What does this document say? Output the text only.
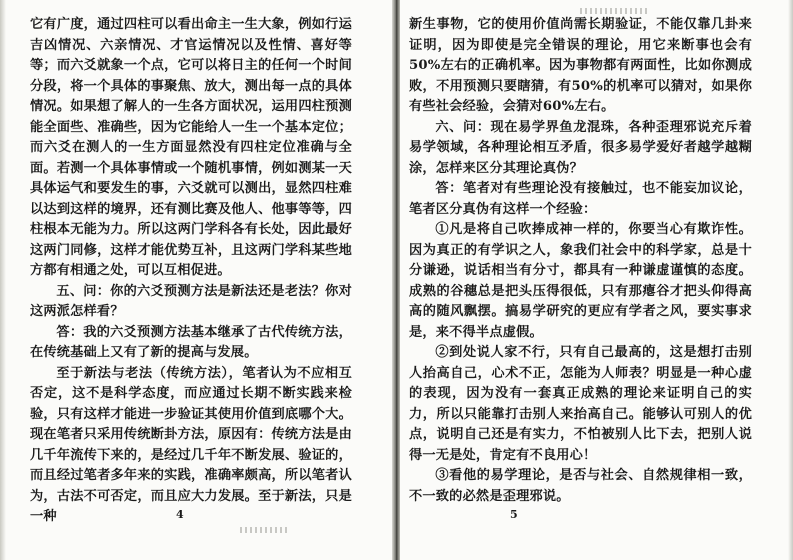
它有广度，通过四柱可以看出命主一生大象，例如行运吉凶情况、六亲情况、才官运情况以及性情、喜好等等；而六爻就象一个点，它可以将日主的任何一个时间分段，将一个具体的事聚焦、放大，测出每一点的具体情况。如果想了解人的一生各方面状况，运用四柱预测能全面些、准确些，因为它能给人一生一个基本定位；而六爻在测人的一生方面显然没有四柱定位准确与全面。若测一个具体事情或一个随机事情，例如测某一天具体运气和要发生的事，六爻就可以测出，显然四柱难以达到这样的境界，还有测比赛及他人、他事等等，四柱根本无能为力。所以这两门学科各有长处，因此最好这两门同修，这样才能优势互补，且这两门学科某些地方都有相通之处，可以互相促进。

五、问：你的六爻预测方法是新法还是老法？你对这两派怎样看？

答：我的六爻预测方法基本继承了古代传统方法，在传统基础上又有了新的提高与发展。

至于新法与老法（传统方法），笔者认为不应相互否定，这不是科学态度，而应通过长期不断实践来检验，只有这样才能进一步验证其使用价值到底哪个大。现在笔者只采用传统断卦方法，原因有：传统方法是由几千年流传下来的，是经过几千年不断发展、验证的，而且经过笔者多年来的实践，准确率颇高，所以笔者认为，古法不可否定，而且应大力发展。至于新法，只是一种	4

新生事物，它的使用价值尚需长期验证，不能仅靠几卦来证明，因为即使是完全错误的理论，用它来断事也会有50%左右的正确机率。因为事物都有两面性，比如你测成败，不用预测只要瞎猜，有50%的机率可以猜对，如果你有些社会经验，会猜对60%左右。

六、问：现在易学界鱼龙混珠，各种歪理邪说充斥着易学领域，各种理论相互矛盾，很多易学爱好者越学越糊涂，怎样来区分其理论真伪？

答：笔者对有些理论没有接触过，也不能妄加议论，笔者区分真伪有这样一个经验：

①凡是将自己吹捧成神一样的，你要当心有欺诈性。因为真正的有学识之人，象我们社会中的科学家，总是十分谦逊，说话相当有分寸，都具有一种谦虚谨慎的态度。成熟的谷穗总是把头压得很低，只有那瘪谷才把头仰得高高的随风飘摆。搞易学研究的更应有学者之风，要实事求是，来不得半点虚假。

②到处说人家不行，只有自己最高的，这是想打击别人抬高自己，心术不正，怎能为人师表？明显是一种心虚的表现，因为没有一套真正成熟的理论来证明自己的实力，所以只能靠打击别人来抬高自己。能够认可别人的优点，说明自己还是有实力，不怕被别人比下去，把别人说得一无是处，肯定有不良用心！

③看他的易学理论，是否与社会、自然规律相一致，不一致的必然是歪理邪说。

5
